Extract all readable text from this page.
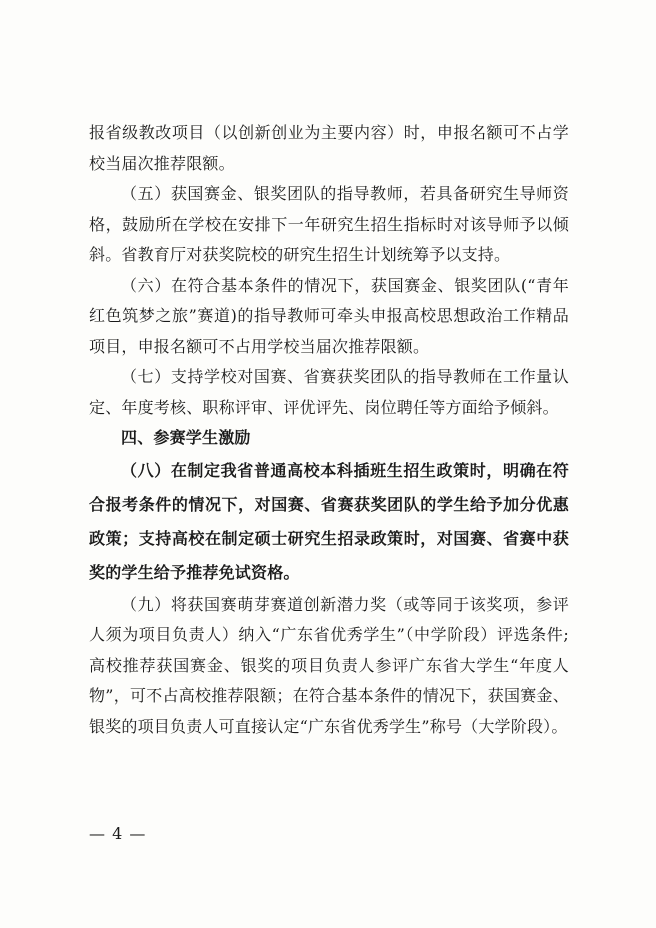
报省级教改项目（以创新创业为主要内容）时，申报名额可不占学校当届次推荐限额。

（五）获国赛金、银奖团队的指导教师，若具备研究生导师资格，鼓励所在学校在安排下一年研究生招生指标时对该导师予以倾斜。省教育厅对获奖院校的研究生招生计划统筹予以支持。

（六）在符合基本条件的情况下，获国赛金、银奖团队(“青年红色筑梦之旅”赛道)的指导教师可牵头申报高校思想政治工作精品项目，申报名额可不占用学校当届次推荐限额。

（七）支持学校对国赛、省赛获奖团队的指导教师在工作量认定、年度考核、职称评审、评优评先、岗位聘任等方面给予倾斜。

四、参赛学生激励

（八）在制定我省普通高校本科插班生招生政策时，明确在符合报考条件的情况下，对国赛、省赛获奖团队的学生给予加分优惠政策；支持高校在制定硕士研究生招录政策时，对国赛、省赛中获奖的学生给予推荐免试资格。

（九）将获国赛萌芽赛道创新潜力奖（或等同于该奖项，参评人须为项目负责人）纳入“广东省优秀学生”（中学阶段）评选条件;高校推荐获国赛金、银奖的项目负责人参评广东省大学生“年度人物”，可不占高校推荐限额；在符合基本条件的情况下，获国赛金、银奖的项目负责人可直接认定“广东省优秀学生”称号（大学阶段）。

— 4 —
